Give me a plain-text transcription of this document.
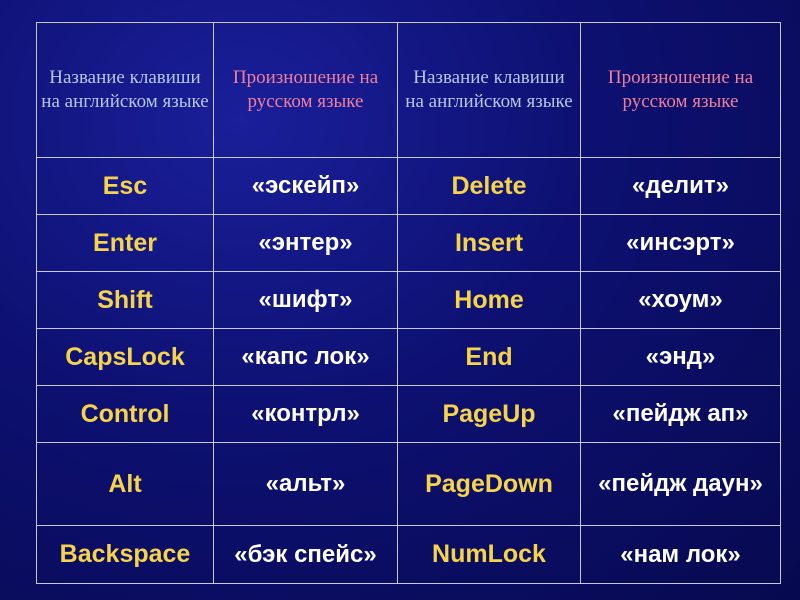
Название клавиши на английском языке	Произношение на русском языке	Название клавиши на английском языке	Произношение на русском языке
Esc	«эскейп»	Delete	«делит»
Enter	«энтер»	Insert	«инсэрт»
Shift	«шифт»	Home	«хоум»
CapsLock	«капс лок»	End	«энд»
Control	«контрл»	PageUp	«пейдж ап»
Alt	«альт»	PageDown	«пейдж даун»
Backspace	«бэк спейс»	NumLock	«нам лок»
